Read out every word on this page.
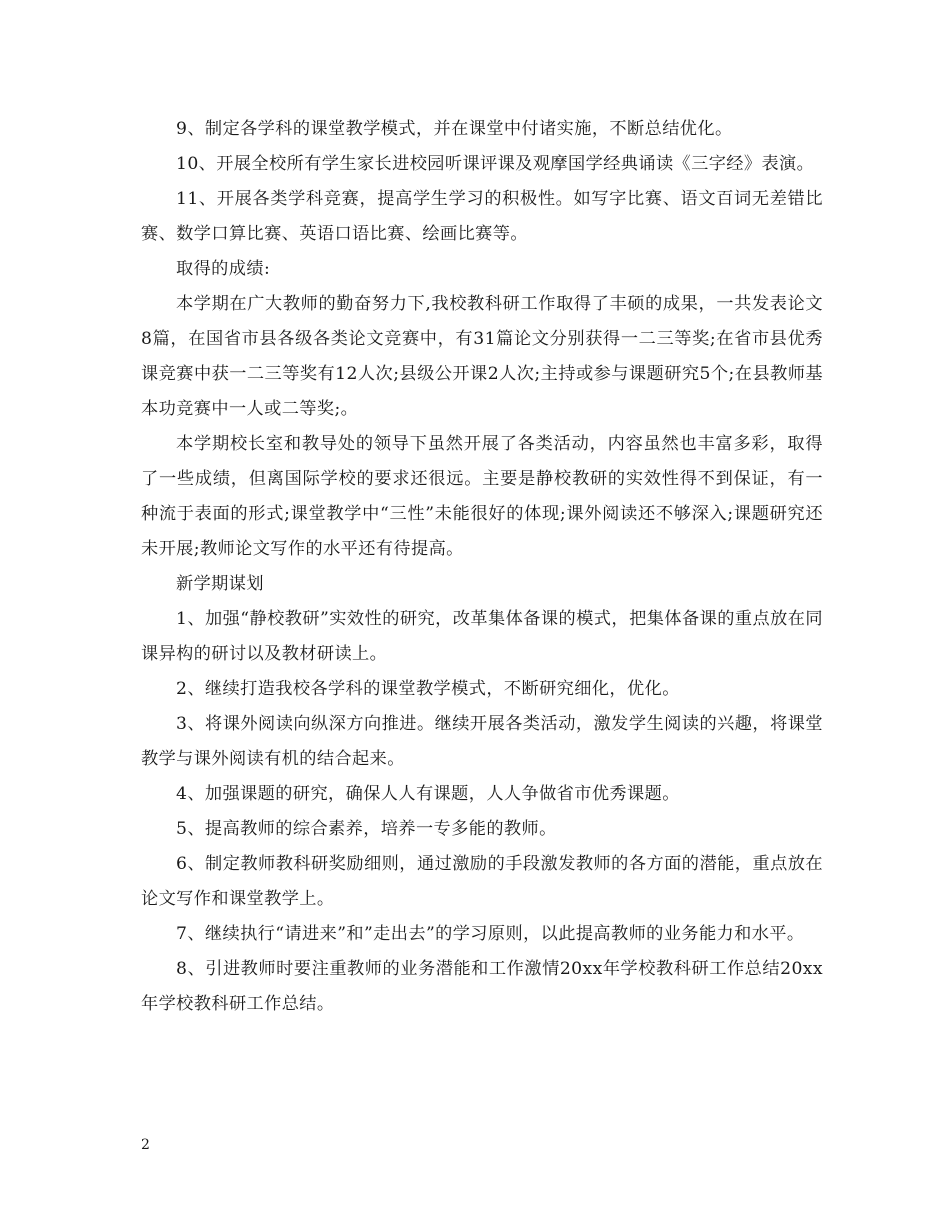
9、制定各学科的课堂教学模式，并在课堂中付诸实施，不断总结优化。

10、开展全校所有学生家长进校园听课评课及观摩国学经典诵读《三字经》表演。

11、开展各类学科竞赛，提高学生学习的积极性。如写字比赛、语文百词无差错比赛、数学口算比赛、英语口语比赛、绘画比赛等。

取得的成绩:

本学期在广大教师的勤奋努力下,我校教科研工作取得了丰硕的成果，一共发表论文8篇，在国省市县各级各类论文竞赛中，有31篇论文分别获得一二三等奖;在省市县优秀课竞赛中获一二三等奖有12人次;县级公开课2人次;主持或参与课题研究5个;在县教师基本功竞赛中一人或二等奖;。

本学期校长室和教导处的领导下虽然开展了各类活动，内容虽然也丰富多彩，取得了一些成绩，但离国际学校的要求还很远。主要是静校教研的实效性得不到保证，有一种流于表面的形式;课堂教学中“三性”未能很好的体现;课外阅读还不够深入;课题研究还未开展;教师论文写作的水平还有待提高。

新学期谋划

1、加强“静校教研”实效性的研究，改革集体备课的模式，把集体备课的重点放在同课异构的研讨以及教材研读上。

2、继续打造我校各学科的课堂教学模式，不断研究细化，优化。

3、将课外阅读向纵深方向推进。继续开展各类活动，激发学生阅读的兴趣，将课堂教学与课外阅读有机的结合起来。

4、加强课题的研究，确保人人有课题，人人争做省市优秀课题。

5、提高教师的综合素养，培养一专多能的教师。

6、制定教师教科研奖励细则，通过激励的手段激发教师的各方面的潜能，重点放在论文写作和课堂教学上。

7、继续执行“请进来”和”走出去”的学习原则，以此提高教师的业务能力和水平。

8、引进教师时要注重教师的业务潜能和工作激情20xx年学校教科研工作总结20xx年学校教科研工作总结。

2
